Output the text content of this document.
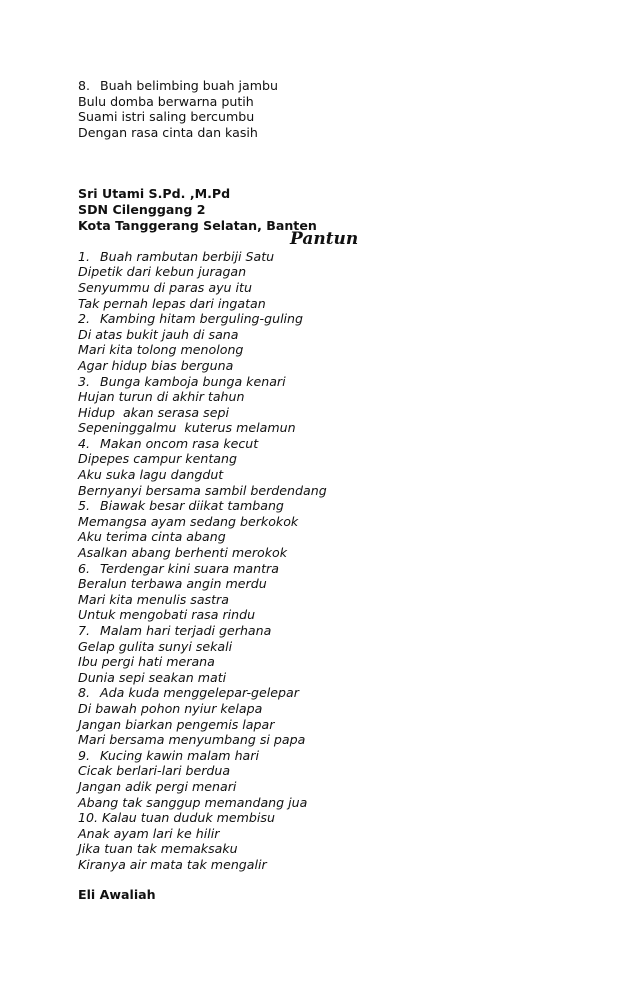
8. Buah belimbing buah jambu
Bulu domba berwarna putih
Suami istri saling bercumbu
Dengan rasa cinta dan kasih
Sri Utami S.Pd. ,M.Pd
SDN Cilenggang 2
Kota Tanggerang Selatan, Banten
Pantun
1. Buah rambutan berbiji Satu
Dipetik dari kebun juragan
Senyummu di paras ayu itu
Tak pernah lepas dari ingatan
2. Kambing hitam berguling-guling
Di atas bukit jauh di sana
Mari kita tolong menolong
Agar hidup bias berguna
3. Bunga kamboja bunga kenari
Hujan turun di akhir tahun
Hidup  akan serasa sepi
Sepeninggalmu  kuterus melamun
4. Makan oncom rasa kecut
Dipepes campur kentang
Aku suka lagu dangdut
Bernyanyi bersama sambil berdendang
5. Biawak besar diikat tambang
Memangsa ayam sedang berkokok
Aku terima cinta abang
Asalkan abang berhenti merokok
6. Terdengar kini suara mantra
Beralun terbawa angin merdu
Mari kita menulis sastra
Untuk mengobati rasa rindu
7. Malam hari terjadi gerhana
Gelap gulita sunyi sekali
Ibu pergi hati merana
Dunia sepi seakan mati
8. Ada kuda menggelepar-gelepar
Di bawah pohon nyiur kelapa
Jangan biarkan pengemis lapar
Mari bersama menyumbang si papa
9. Kucing kawin malam hari
Cicak berlari-lari berdua
Jangan adik pergi menari
Abang tak sanggup memandang jua
10. Kalau tuan duduk membisu
Anak ayam lari ke hilir
Jika tuan tak memaksaku
Kiranya air mata tak mengalir
Eli Awaliah
